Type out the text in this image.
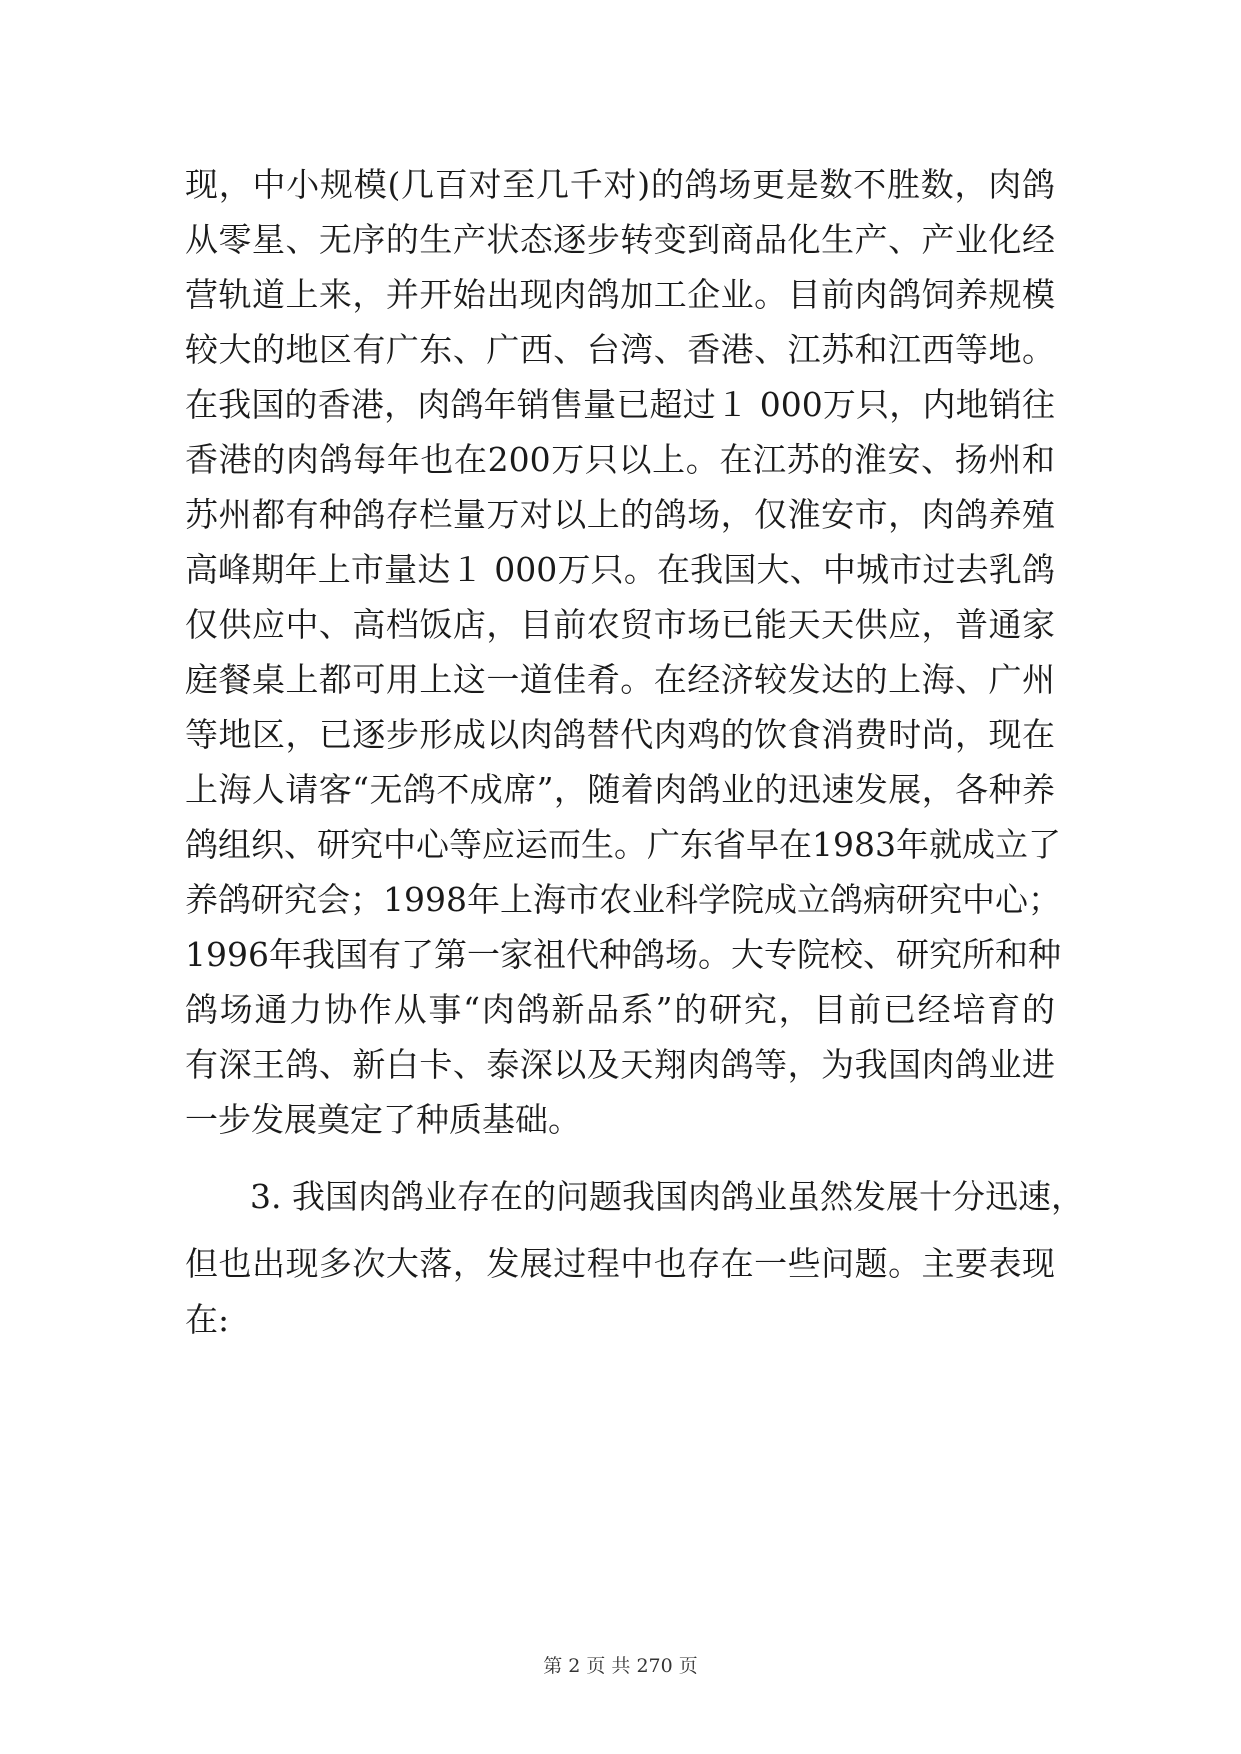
现，中小规模(几百对至几千对)的鸽场更是数不胜数，肉鸽
从零星、无序的生产状态逐步转变到商品化生产、产业化经
营轨道上来，并开始出现肉鸽加工企业。目前肉鸽饲养规模
较大的地区有广东、广西、台湾、香港、江苏和江西等地。
在我国的香港，肉鸽年销售量已超过１ 000万只，内地销往
香港的肉鸽每年也在200万只以上。在江苏的淮安、扬州和
苏州都有种鸽存栏量万对以上的鸽场，仅淮安市，肉鸽养殖
高峰期年上市量达１ 000万只。在我国大、中城市过去乳鸽
仅供应中、高档饭店，目前农贸市场已能天天供应，普通家
庭餐桌上都可用上这一道佳肴。在经济较发达的上海、广州
等地区，已逐步形成以肉鸽替代肉鸡的饮食消费时尚，现在
上海人请客“无鸽不成席”，随着肉鸽业的迅速发展，各种养
鸽组织、研究中心等应运而生。广东省早在1983年就成立了
养鸽研究会；1998年上海市农业科学院成立鸽病研究中心；
1996年我国有了第一家祖代种鸽场。大专院校、研究所和种
鸽场通力协作从事“肉鸽新品系”的研究，目前已经培育的
有深王鸽、新白卡、泰深以及天翔肉鸽等，为我国肉鸽业进
一步发展奠定了种质基础。
3. 我国肉鸽业存在的问题我国肉鸽业虽然发展十分迅速，
但也出现多次大落，发展过程中也存在一些问题。主要表现
在:
第 2 页 共 270 页
